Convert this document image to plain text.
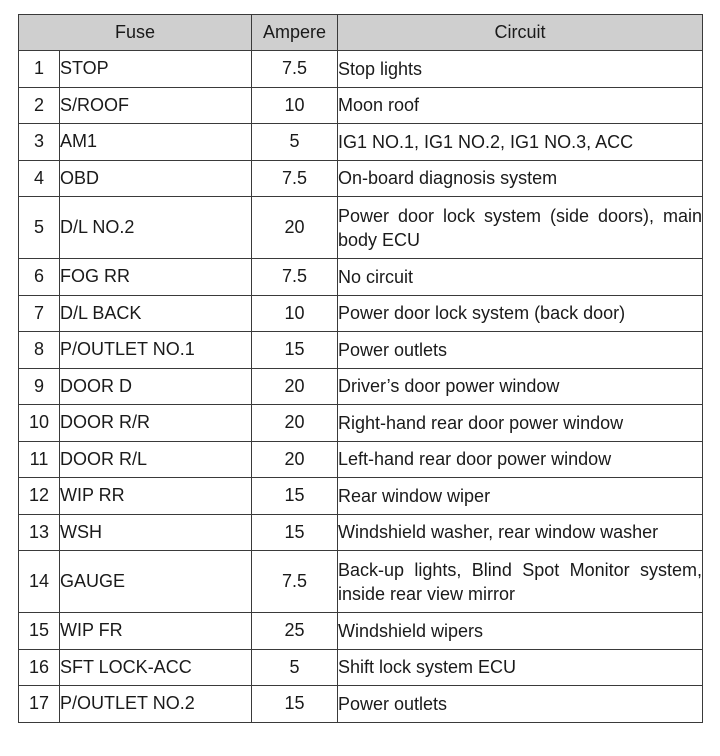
Fuse		Ampere	Circuit
1	STOP	7.5	Stop lights
2	S/ROOF	10	Moon roof
3	AM1	5	IG1 NO.1, IG1 NO.2, IG1 NO.3, ACC
4	OBD	7.5	On-board diagnosis system
5	D/L NO.2	20	Power door lock system (side doors), main body ECU
6	FOG RR	7.5	No circuit
7	D/L BACK	10	Power door lock system (back door)
8	P/OUTLET NO.1	15	Power outlets
9	DOOR D	20	Driver’s door power window
10	DOOR R/R	20	Right-hand rear door power window
11	DOOR R/L	20	Left-hand rear door power window
12	WIP RR	15	Rear window wiper
13	WSH	15	Windshield washer, rear window washer
14	GAUGE	7.5	Back-up lights, Blind Spot Monitor system, inside rear view mirror
15	WIP FR	25	Windshield wipers
16	SFT LOCK-ACC	5	Shift lock system ECU
17	P/OUTLET NO.2	15	Power outlets
